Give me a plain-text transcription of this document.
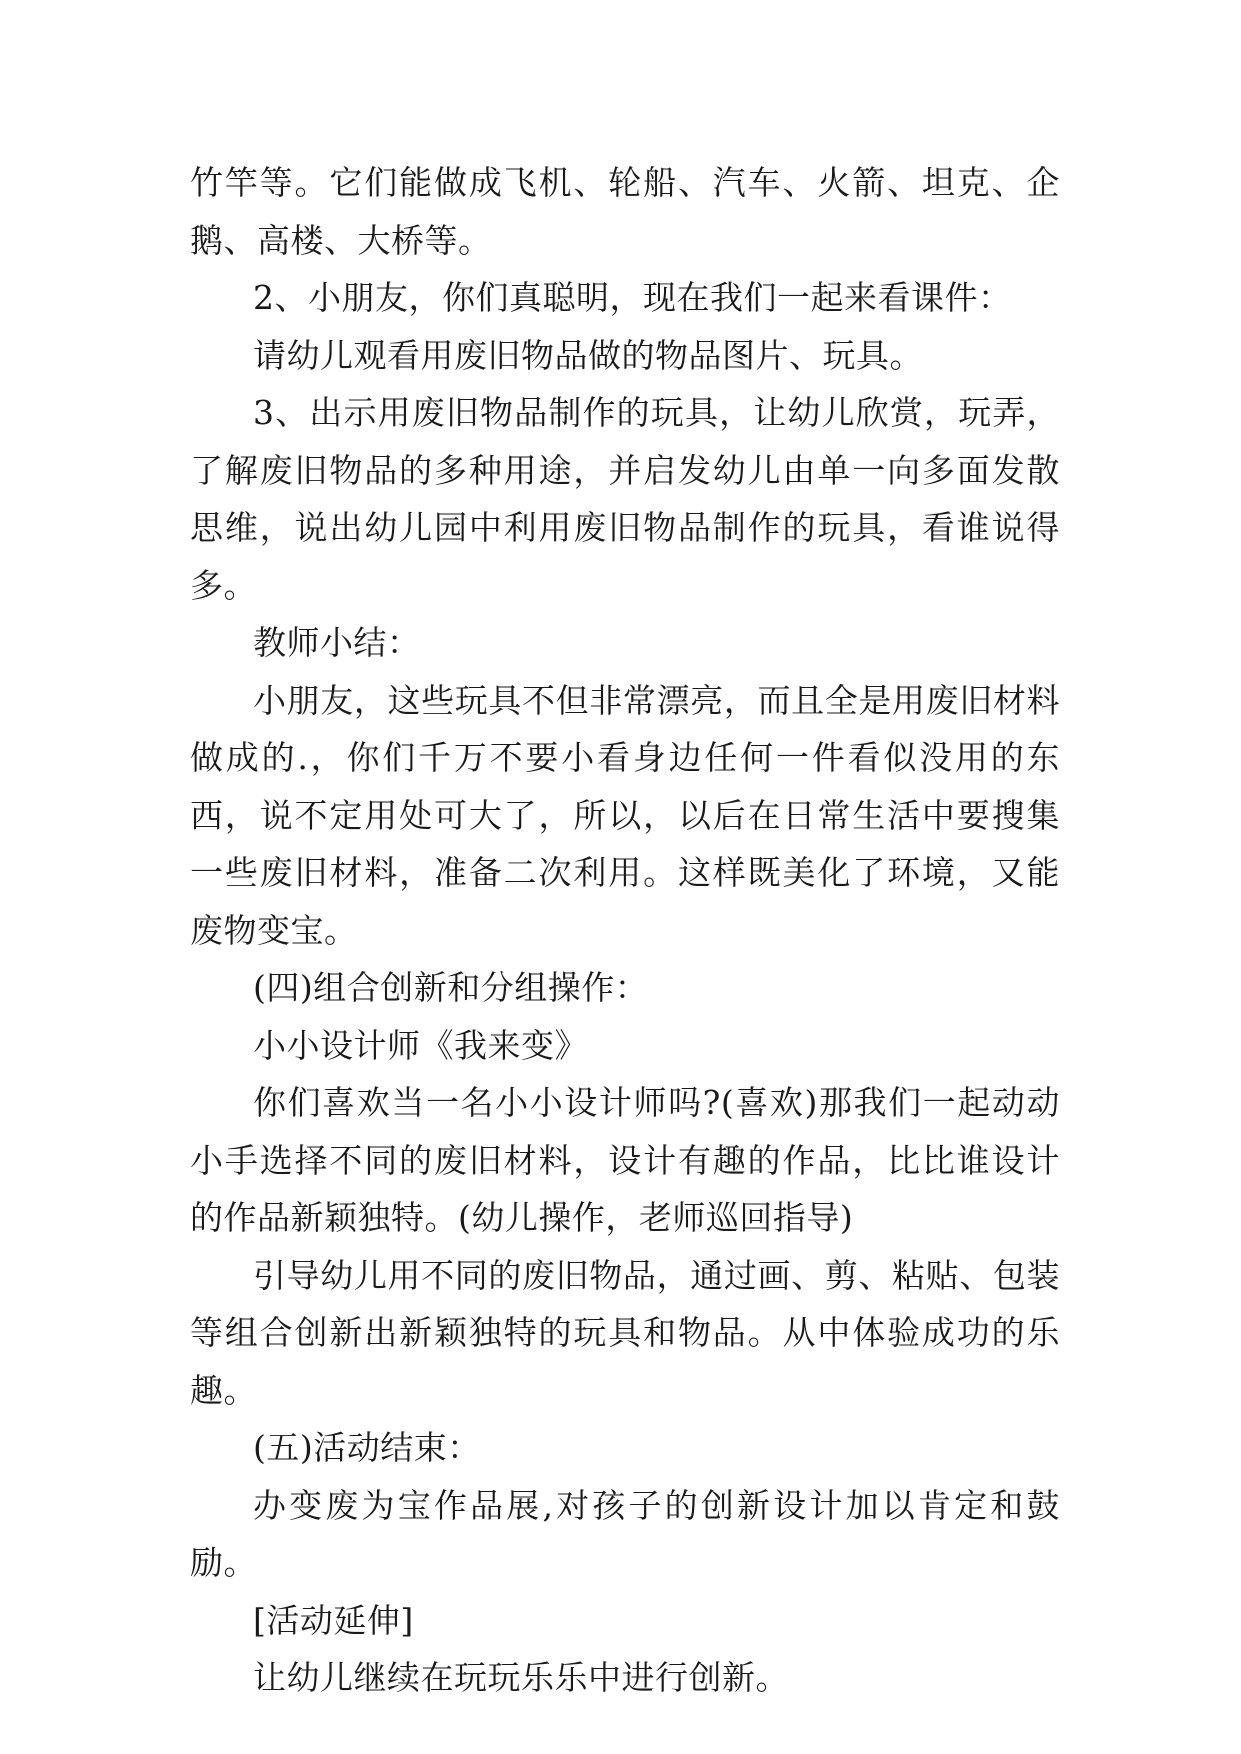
竹竿等。它们能做成飞机、轮船、汽车、火箭、坦克、企鹅、高楼、大桥等。

2、小朋友，你们真聪明，现在我们一起来看课件：

请幼儿观看用废旧物品做的物品图片、玩具。

3、出示用废旧物品制作的玩具，让幼儿欣赏，玩弄，了解废旧物品的多种用途，并启发幼儿由单一向多面发散思维，说出幼儿园中利用废旧物品制作的玩具，看谁说得多。

教师小结：

小朋友，这些玩具不但非常漂亮，而且全是用废旧材料做成的.，你们千万不要小看身边任何一件看似没用的东西，说不定用处可大了，所以，以后在日常生活中要搜集一些废旧材料，准备二次利用。这样既美化了环境，又能废物变宝。

(四)组合创新和分组操作：

小小设计师《我来变》

你们喜欢当一名小小设计师吗?(喜欢)那我们一起动动小手选择不同的废旧材料，设计有趣的作品，比比谁设计的作品新颖独特。(幼儿操作，老师巡回指导)

引导幼儿用不同的废旧物品，通过画、剪、粘贴、包装等组合创新出新颖独特的玩具和物品。从中体验成功的乐趣。

(五)活动结束：

办变废为宝作品展,对孩子的创新设计加以肯定和鼓励。

[活动延伸]

让幼儿继续在玩玩乐乐中进行创新。
